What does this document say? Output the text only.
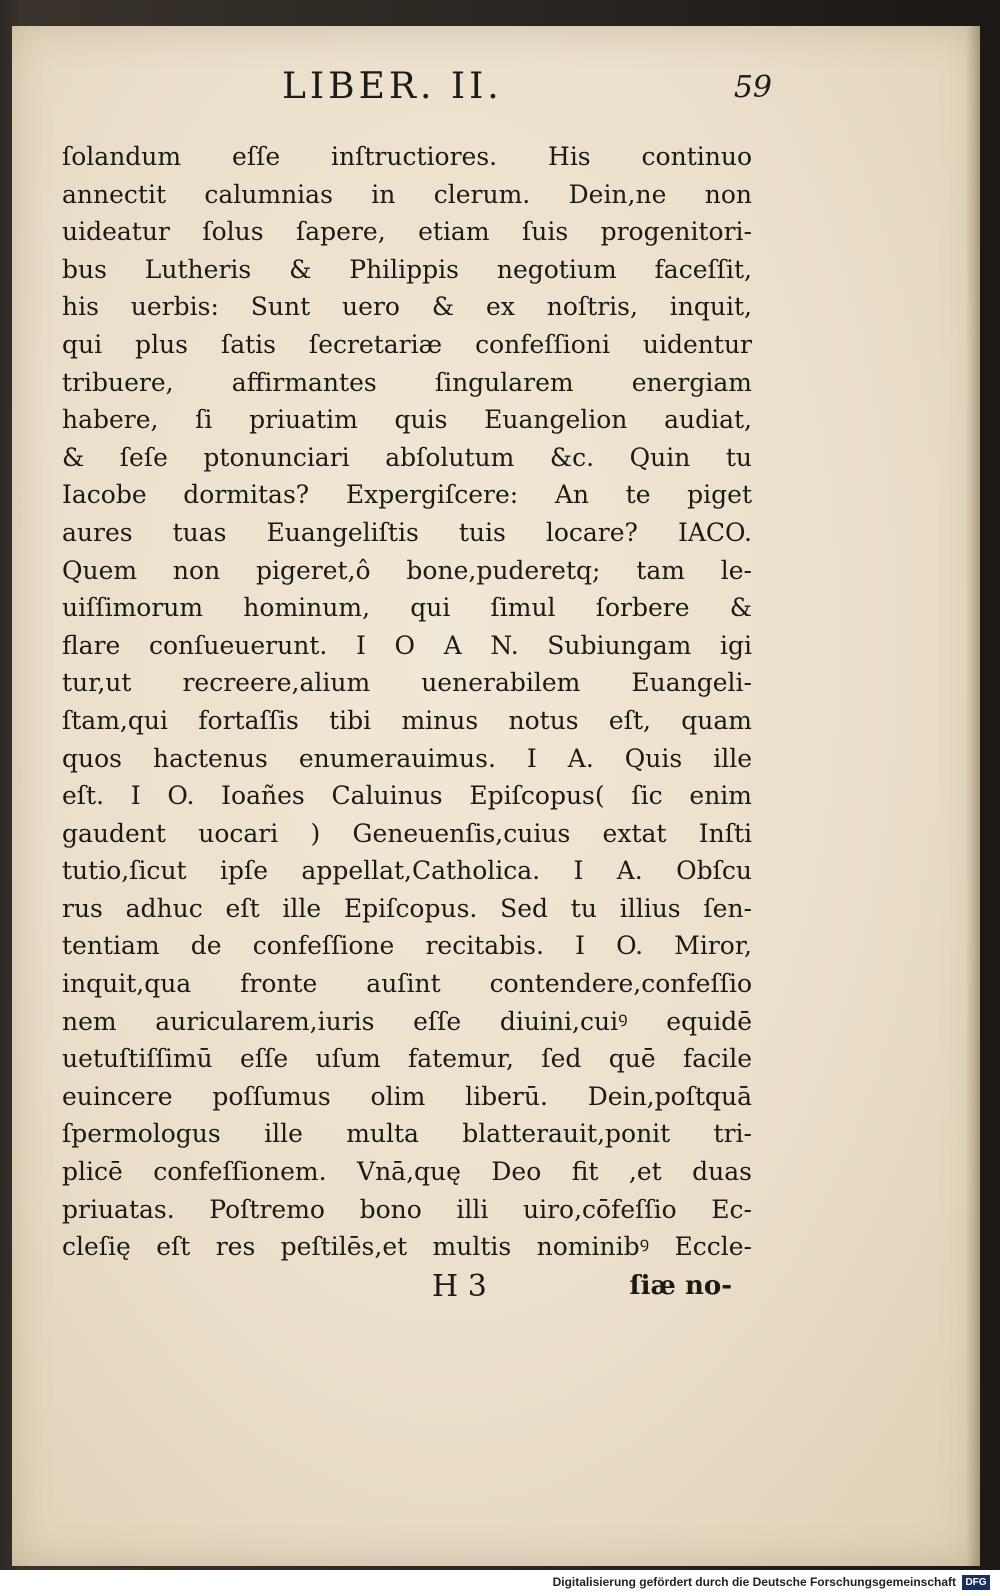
LIBER. II.	59
ſolandum eſſe inſtructiores. His continuo
annectit calumnias in clerum. Dein,ne non
uideatur ſolus ſapere, etiam ſuis progenitori-
bus Lutheris & Philippis negotium faceſſit,
his uerbis: Sunt uero & ex noſtris, inquit,
qui plus ſatis ſecretariæ confeſſioni uidentur
tribuere, affirmantes ſingularem energiam
habere, ſi priuatim quis Euangelion audiat,
& ſeſe ptonunciari abſolutum &c. Quin tu
Iacobe dormitas? Expergiſcere: An te piget
aures tuas Euangeliſtis tuis locare? IACO.
Quem non pigeret,ô bone,puderetq; tam le-
uiſſimorum hominum, qui ſimul ſorbere &
flare conſueuerunt. I O A N. Subiungam igi
tur,ut recreere,alium uenerabilem Euangeli-
ſtam,qui fortaſſis tibi minus notus eſt, quam
quos hactenus enumerauimus. I A. Quis ille
eſt. I O. Ioañes Caluinus Epiſcopus( ſic enim
gaudent uocari ) Geneuenſis,cuius extat Inſti
tutio,ſicut ipſe appellat,Catholica. I A. Obſcu
rus adhuc eſt ille Epiſcopus. Sed tu illius ſen-
tentiam de confeſſione recitabis. I O. Miror,
inquit,qua fronte auſint contendere,confeſſio
nem auricularem,iuris eſſe diuini,cuiꝰ equidē
uetuſtiſſimū eſſe uſum fatemur, ſed quē facile
euincere poſſumus olim liberū. Dein,poſtquā
ſpermologus ille multa blatterauit,ponit tri-
plicē confeſſionem. Vnā,quę Deo fit ,et duas
priuatas. Poſtremo bono illi uiro,cōfeſſio Ec-
cleſię eſt res peſtilēs,et multis nominibꝰ Eccle-
H 3	ſiæ no-
Digitalisierung gefördert durch die Deutsche Forschungsgemeinschaft DFG
